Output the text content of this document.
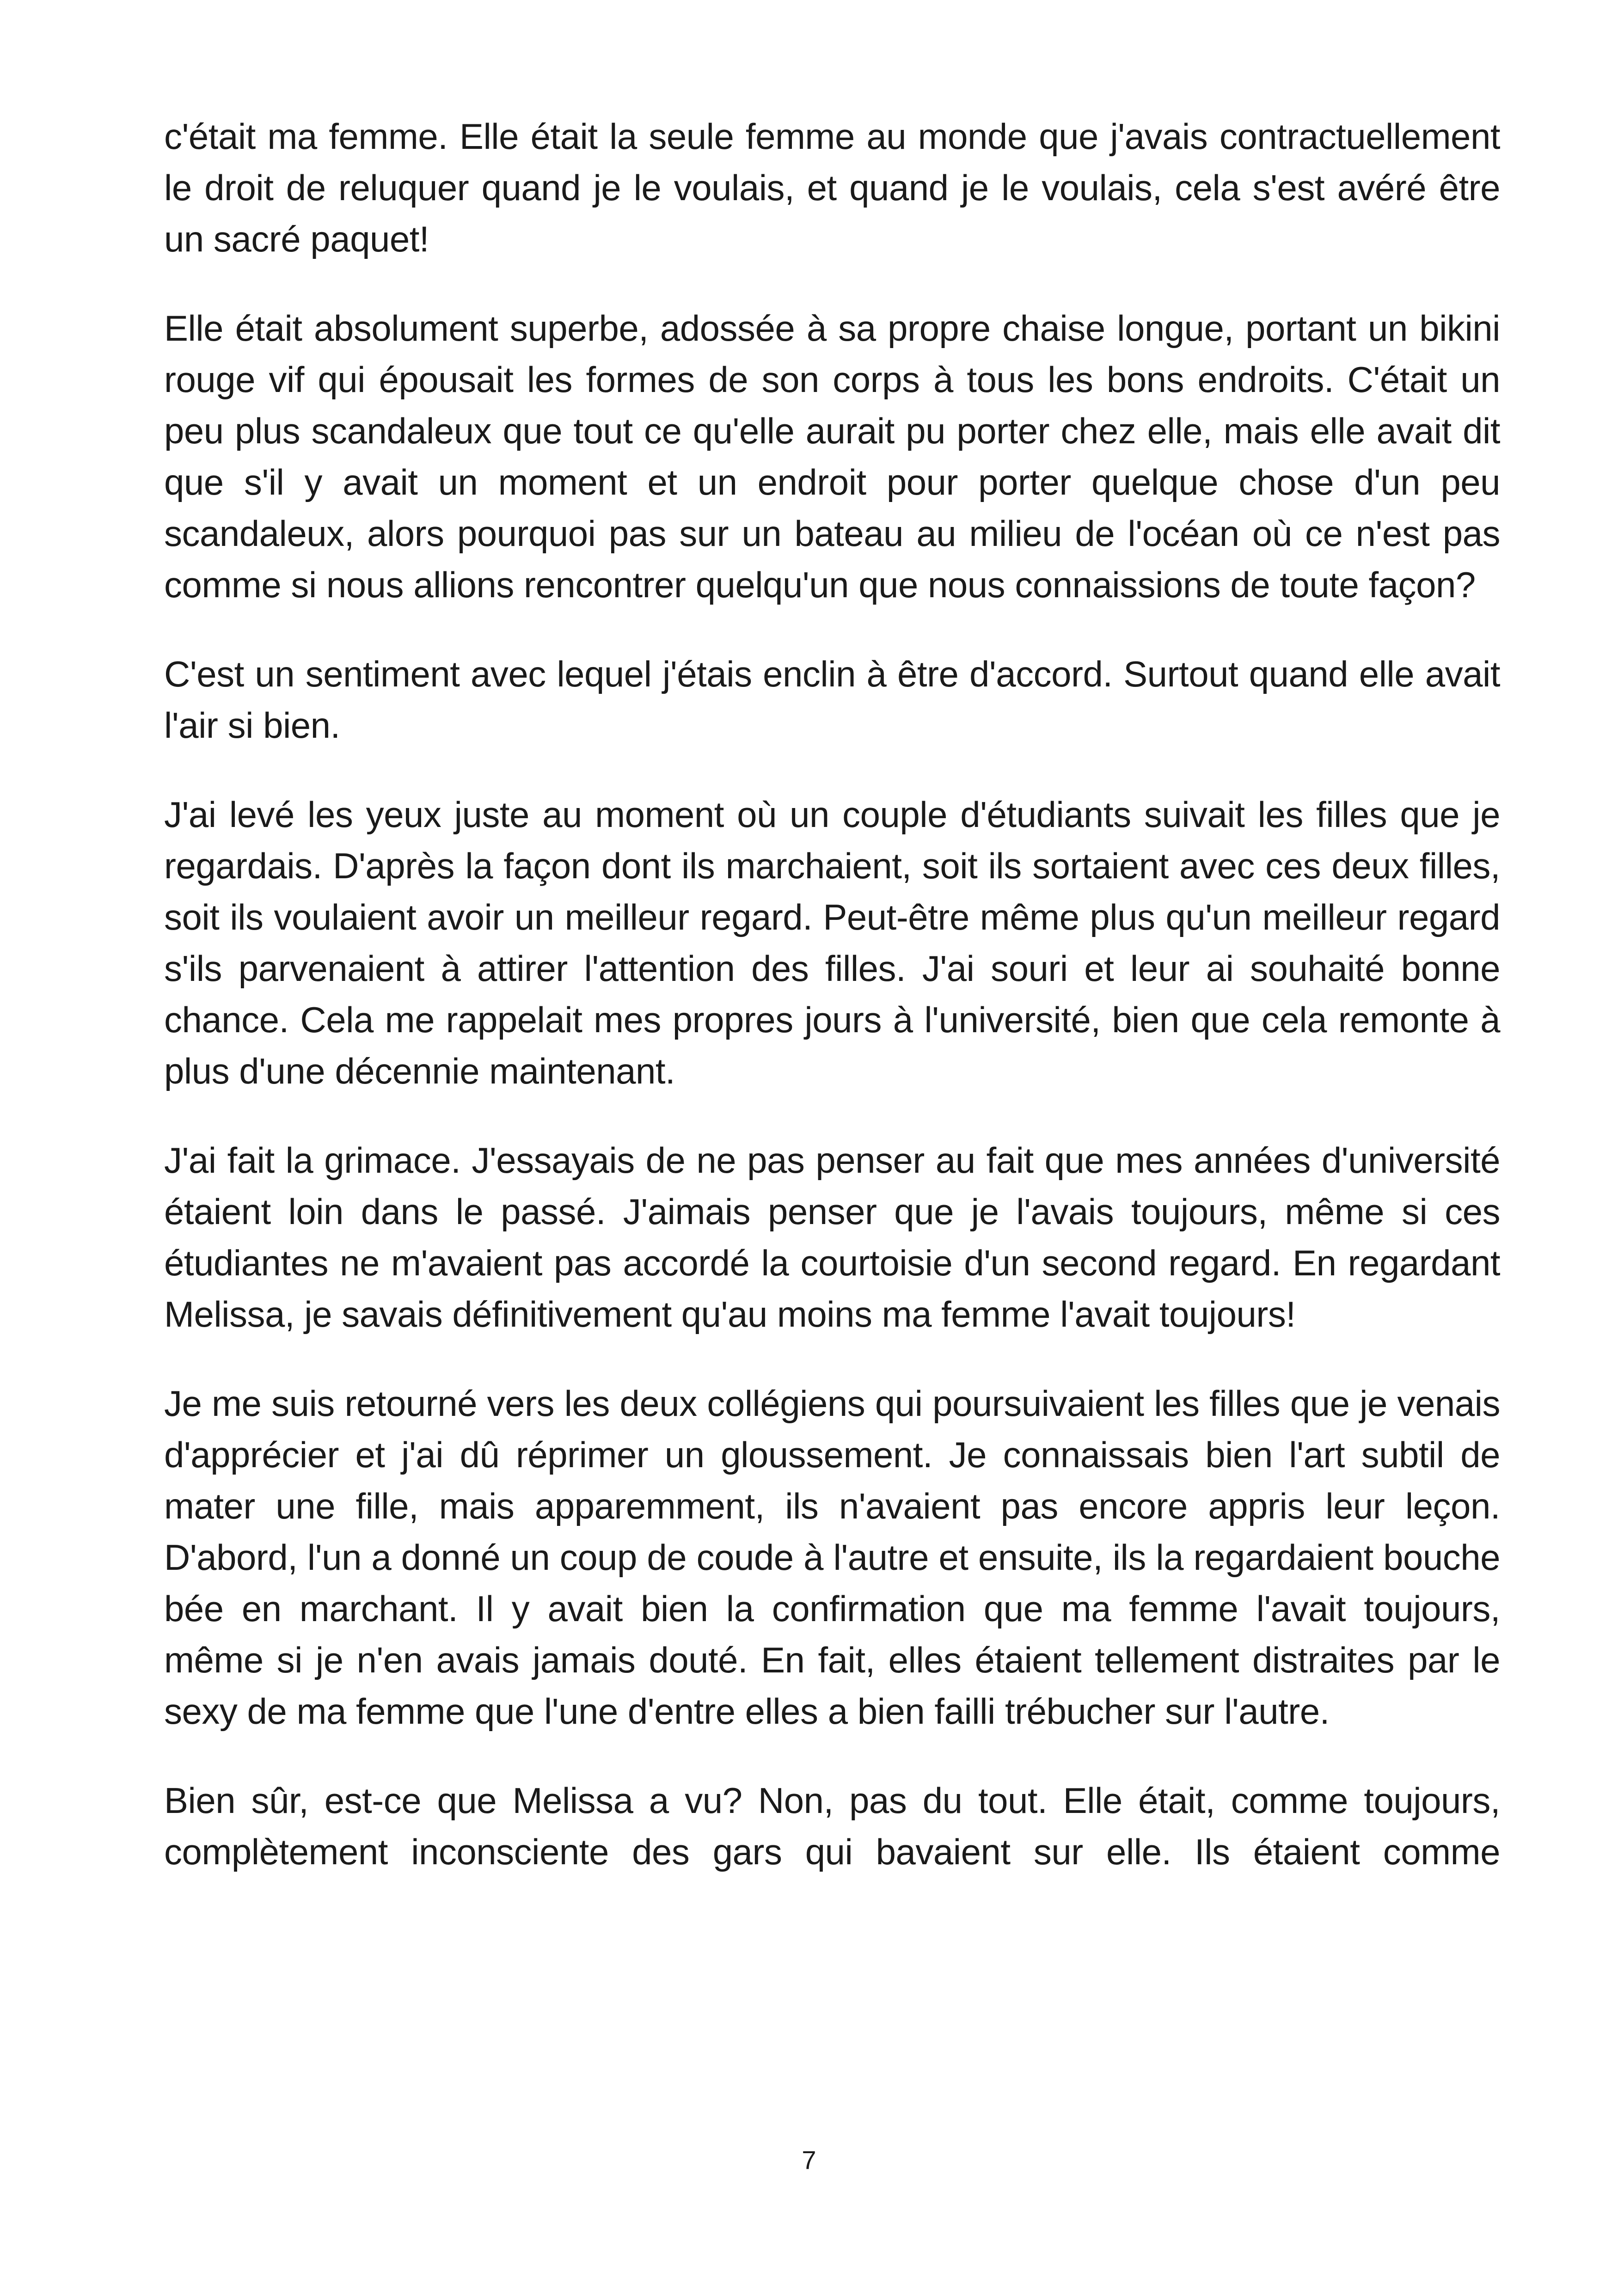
c'était ma femme. Elle était la seule femme au monde que j'avais contractuellement le droit de reluquer quand je le voulais, et quand je le voulais, cela s'est avéré être un sacré paquet!

Elle était absolument superbe, adossée à sa propre chaise longue, portant un bikini rouge vif qui épousait les formes de son corps à tous les bons endroits. C'était un peu plus scandaleux que tout ce qu'elle aurait pu porter chez elle, mais elle avait dit que s'il y avait un moment et un endroit pour porter quelque chose d'un peu scandaleux, alors pourquoi pas sur un bateau au milieu de l'océan où ce n'est pas comme si nous allions rencontrer quelqu'un que nous connaissions de toute façon?

C'est un sentiment avec lequel j'étais enclin à être d'accord. Surtout quand elle avait l'air si bien.

J'ai levé les yeux juste au moment où un couple d'étudiants suivait les filles que je regardais. D'après la façon dont ils marchaient, soit ils sortaient avec ces deux filles, soit ils voulaient avoir un meilleur regard. Peut-être même plus qu'un meilleur regard s'ils parvenaient à attirer l'attention des filles. J'ai souri et leur ai souhaité bonne chance. Cela me rappelait mes propres jours à l'université, bien que cela remonte à plus d'une décennie maintenant.

J'ai fait la grimace. J'essayais de ne pas penser au fait que mes années d'université étaient loin dans le passé. J'aimais penser que je l'avais toujours, même si ces étudiantes ne m'avaient pas accordé la courtoisie d'un second regard. En regardant Melissa, je savais définitivement qu'au moins ma femme l'avait toujours!

Je me suis retourné vers les deux collégiens qui poursuivaient les filles que je venais d'apprécier et j'ai dû réprimer un gloussement. Je connaissais bien l'art subtil de mater une fille, mais apparemment, ils n'avaient pas encore appris leur leçon. D'abord, l'un a donné un coup de coude à l'autre et ensuite, ils la regardaient bouche bée en marchant. Il y avait bien la confirmation que ma femme l'avait toujours, même si je n'en avais jamais douté. En fait, elles étaient tellement distraites par le sexy de ma femme que l'une d'entre elles a bien failli trébucher sur l'autre.

Bien sûr, est-ce que Melissa a vu? Non, pas du tout. Elle était, comme toujours, complètement inconsciente des gars qui bavaient sur elle. Ils étaient comme

7
